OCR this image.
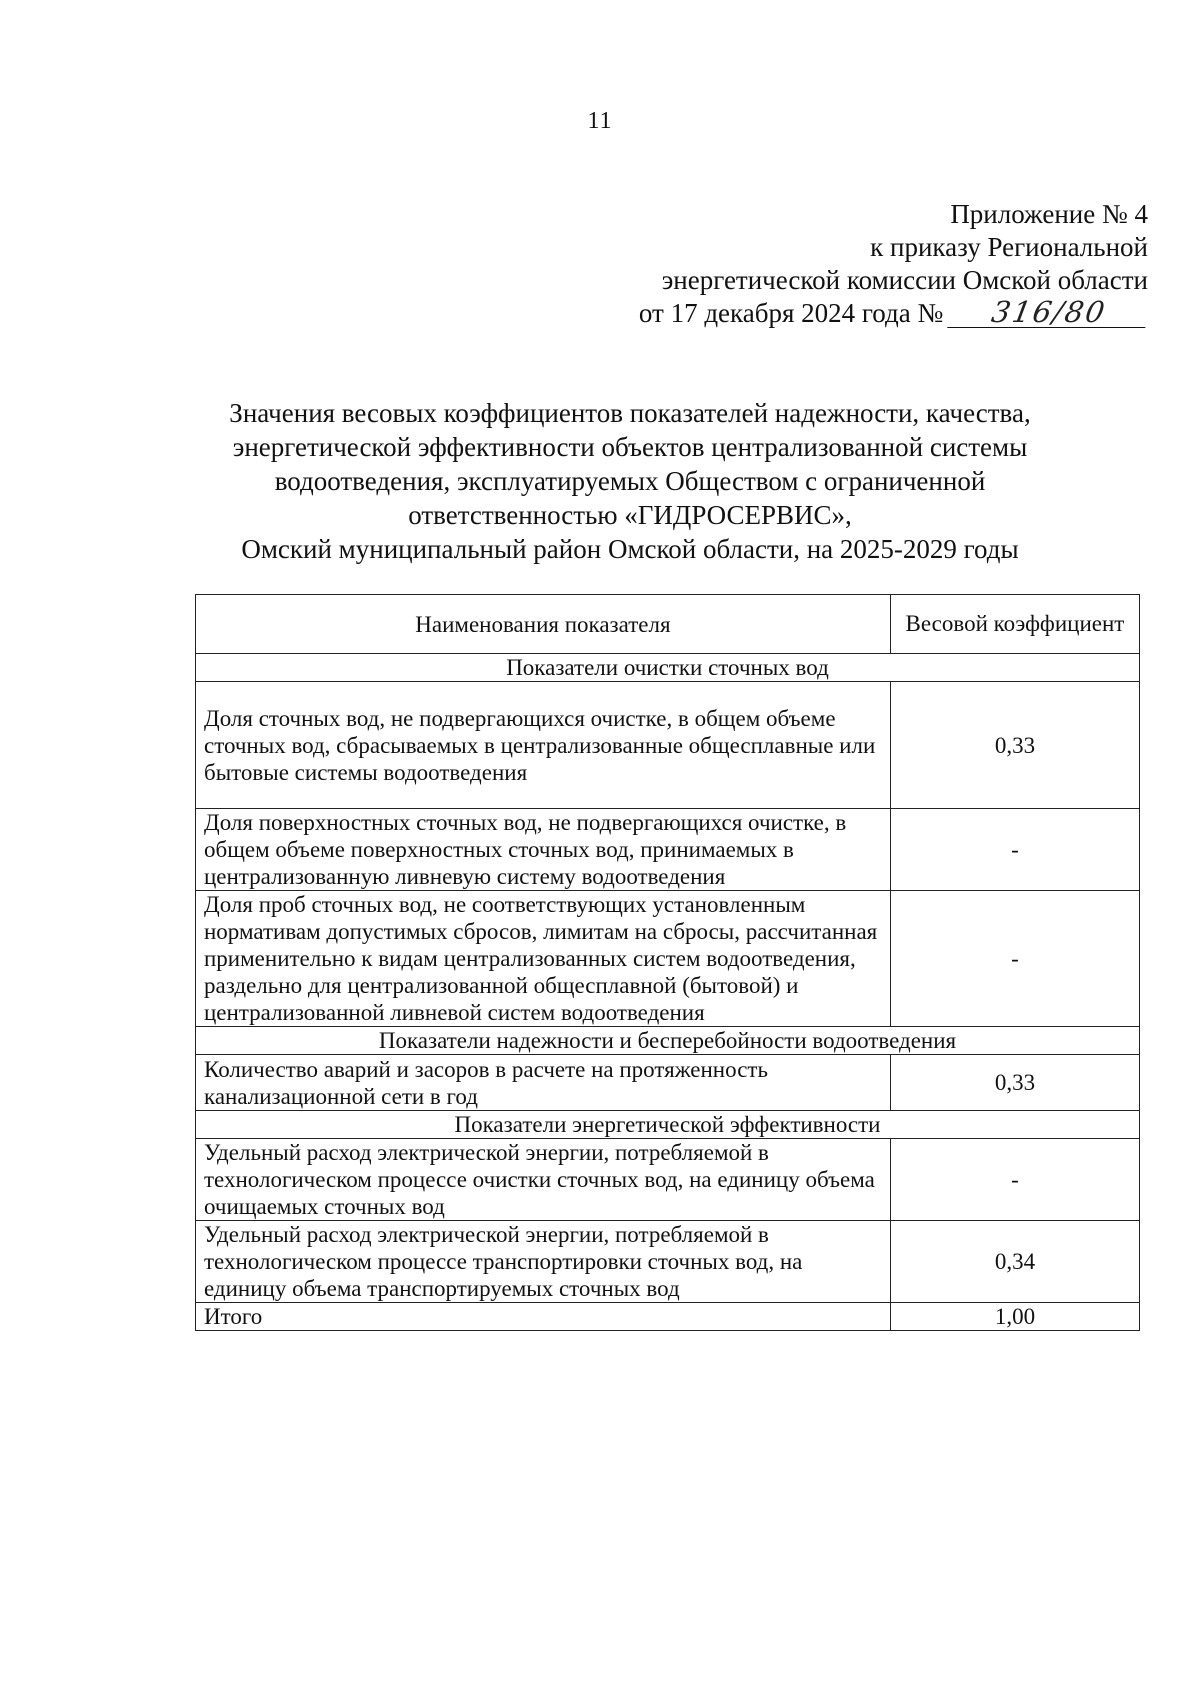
11
Приложение № 4
к приказу Региональной
энергетической комиссии Омской области
от 17 декабря 2024 года № 316/80
Значения весовых коэффициентов показателей надежности, качества,
энергетической эффективности объектов централизованной системы
водоотведения, эксплуатируемых Обществом с ограниченной
ответственностью «ГИДРОСЕРВИС»,
Омский муниципальный район Омской области, на 2025-2029 годы
Наименования показателя	Весовой коэффициент
Показатели очистки сточных вод	
Доля сточных вод, не подвергающихся очистке, в общем объеме сточных вод, сбрасываемых в централизованные общесплавные или бытовые системы водоотведения	0,33
Доля поверхностных сточных вод, не подвергающихся очистке, в общем объеме поверхностных сточных вод, принимаемых в централизованную ливневую систему водоотведения	-
Доля проб сточных вод, не соответствующих установленным нормативам допустимых сбросов, лимитам на сбросы, рассчитанная применительно к видам централизованных систем водоотведения, раздельно для централизованной общесплавной (бытовой) и централизованной ливневой систем водоотведения	-
Показатели надежности и бесперебойности водоотведения	
Количество аварий и засоров в расчете на протяженность канализационной сети в год	0,33
Показатели энергетической эффективности	
Удельный расход электрической энергии, потребляемой в технологическом процессе очистки сточных вод, на единицу объема очищаемых сточных вод	-
Удельный расход электрической энергии, потребляемой в технологическом процессе транспортировки сточных вод, на единицу объема транспортируемых сточных вод	0,34
Итого	1,00
